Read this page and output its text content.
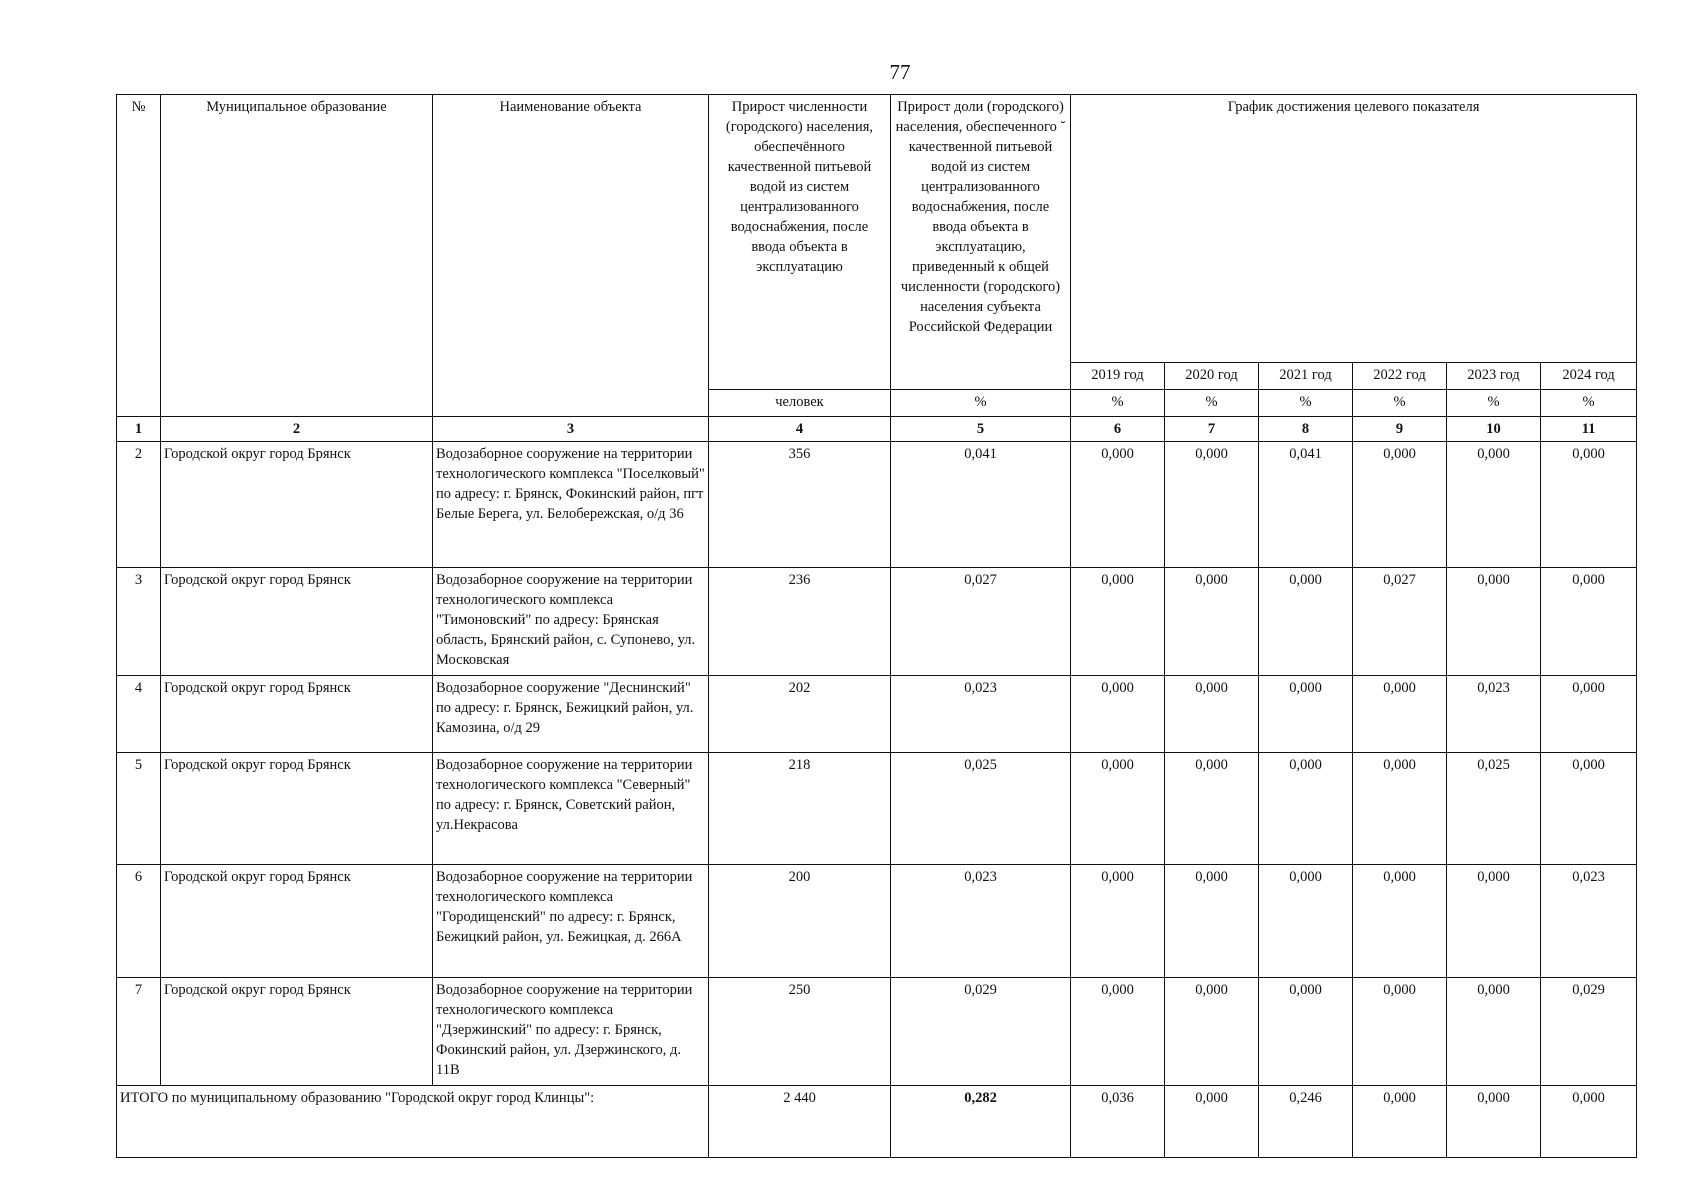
77
№	Муниципальное образование	Наименование объекта	Прирост численности (городского) населения, обеспечённого качественной питьевой водой из систем централизованного водоснабжения, после ввода объекта в эксплуатацию	Прирост доли (городского) населения, обеспеченного ˘ качественной питьевой водой из систем централизованного водоснабжения, после ввода объекта в эксплуатацию, приведенный к общей численности (городского) населения субъекта Российской Федерации	График достижения целевого показателя					
					2019 год	2020 год	2021 год	2022 год	2023 год	2024 год
			человек	%	%	%	%	%	%	%
1	2	3	4	5	6	7	8	9	10	11
2	Городской округ город Брянск	Водозаборное сооружение на территории технологического комплекса "Поселковый" по адресу: г. Брянск, Фокинский район, пгт Белые Берега, ул. Белобережская, о/д 36	356	0,041	0,000	0,000	0,041	0,000	0,000	0,000
3	Городской округ город Брянск	Водозаборное сооружение на территории технологического комплекса "Тимоновский" по адресу: Брянская область, Брянский район, с. Супонево, ул. Московская	236	0,027	0,000	0,000	0,000	0,027	0,000	0,000
4	Городской округ город Брянск	Водозаборное сооружение "Деснинский" по адресу: г. Брянск, Бежицкий район, ул. Камозина, о/д 29	202	0,023	0,000	0,000	0,000	0,000	0,023	0,000
5	Городской округ город Брянск	Водозаборное сооружение на территории технологического комплекса "Северный" по адресу: г. Брянск, Советский район, ул.Некрасова	218	0,025	0,000	0,000	0,000	0,000	0,025	0,000
6	Городской округ город Брянск	Водозаборное сооружение на территории технологического комплекса "Городищенский" по адресу: г. Брянск, Бежицкий район, ул. Бежицкая, д. 266А	200	0,023	0,000	0,000	0,000	0,000	0,000	0,023
7	Городской округ город Брянск	Водозаборное сооружение на территории технологического комплекса "Дзержинский" по адресу: г. Брянск, Фокинский район, ул. Дзержинского, д. 11В	250	0,029	0,000	0,000	0,000	0,000	0,000	0,029
ИТОГО по муниципальному образованию "Городской округ город Клинцы":			2 440	0,282	0,036	0,000	0,246	0,000	0,000	0,000
